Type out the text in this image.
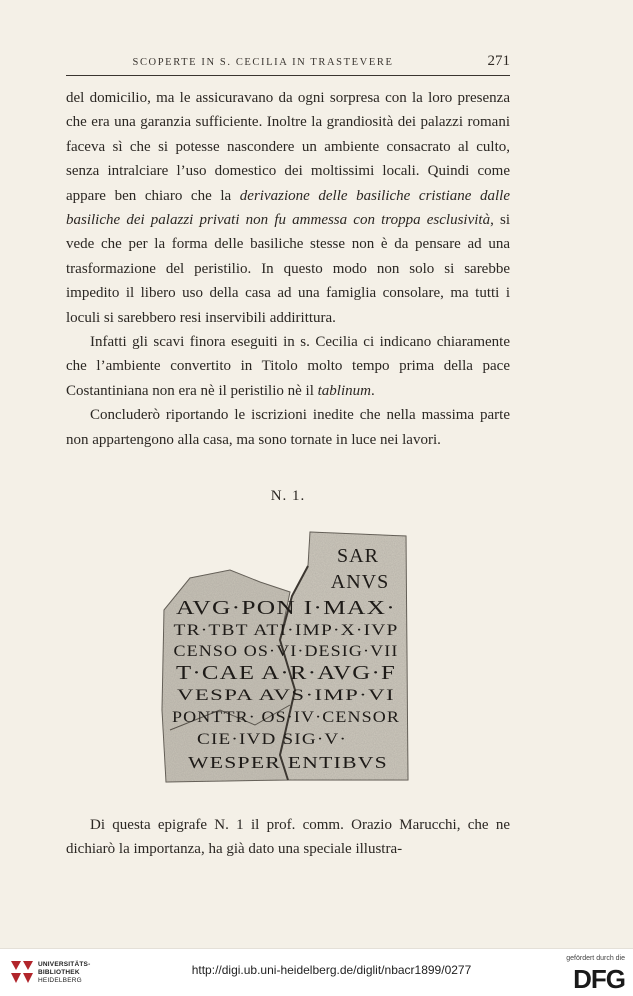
SCOPERTE IN S. CECILIA IN TRASTEVERE	271

del domicilio, ma le assicuravano da ogni sorpresa con la loro presenza che era una garanzia sufficiente. Inoltre la grandiosità dei palazzi romani faceva sì che si potesse nascondere un ambiente consacrato al culto, senza intralciare l’uso domestico dei moltissimi locali. Quindi come appare ben chiaro che la derivazione delle basiliche cristiane dalle basiliche dei palazzi privati non fu ammessa con troppa esclusività, si vede che per la forma delle basiliche stesse non è da pensare ad una trasformazione del peristilio. In questo modo non solo si sarebbe impedito il libero uso della casa ad una famiglia consolare, ma tutti i loculi si sarebbero resi inservibili addirittura.

Infatti gli scavi finora eseguiti in s. Cecilia ci indicano chiaramente che l’ambiente convertito in Titolo molto tempo prima della pace Costantiniana non era nè il peristilio nè il tablinum.

Concluderò riportando le iscrizioni inedite che nella massima parte non appartengono alla casa, ma sono tornate in luce nei lavori.

N. 1.
SAR
ANVS
AVG·PON I·MAX·
TR·TBT ATI·IMP·X·IVP
CENSO OS·VI·DESIG·VII
T·CAE A·R·AVG·F
VESPA AVS·IMP·VI
PONTTR· OS·IV·CENSOR
CIE·IVD SIG·V·
WESPER ENTIBVS

Di questa epigrafe N. 1 il prof. comm. Orazio Marucchi, che ne dichiarò la importanza, ha già dato una speciale illustra-

UNIVERSITÄTS-
BIBLIOTHEK
HEIDELBERG
http://digi.ub.uni-heidelberg.de/diglit/nbacr1899/0277
gefördert durch die
DFG
